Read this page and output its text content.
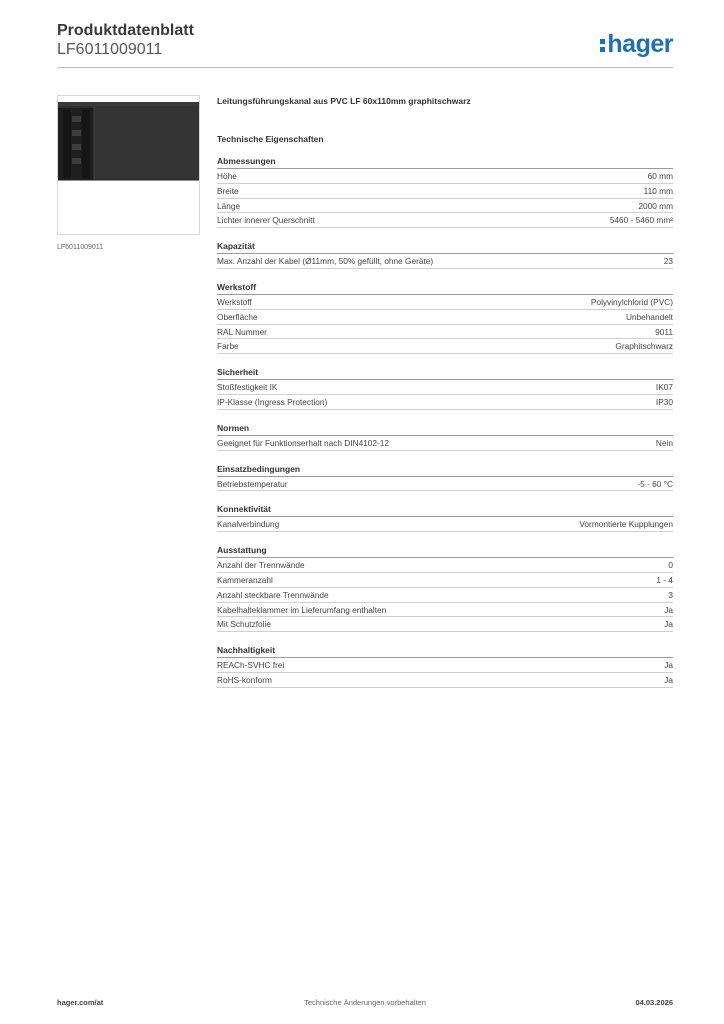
Produktdatenblatt
LF6011009011	hager
LF6011009011
Leitungsführungskanal aus PVC LF 60x110mm graphitschwarz
Technische Eigenschaften
Abmessungen
Höhe	60 mm
Breite	110 mm
Länge	2000 mm
Lichter innerer Querschnitt	5460 - 5460 mm²
Kapazität
Max. Anzahl der Kabel (Ø11mm, 50% gefüllt, ohne Geräte)	23
Werkstoff
Werkstoff	Polyvinylchlorid (PVC)
Oberfläche	Unbehandelt
RAL Nummer	9011
Farbe	Graphitschwarz
Sicherheit
Stoßfestigkeit IK	IK07
IP-Klasse (Ingress Protection)	IP30
Normen
Geeignet für Funktionserhalt nach DIN4102-12	Nein
Einsatzbedingungen
Betriebstemperatur	-5 - 60 °C
Konnektivität
Kanalverbindung	Vormontierte Kupplungen
Ausstattung
Anzahl der Trennwände	0
Kammeranzahl	1 - 4
Anzahl steckbare Trennwände	3
Kabelhalteklammer im Lieferumfang enthalten	Ja
Mit Schutzfolie	Ja
Nachhaltigkeit
REACh-SVHC frei	Ja
RoHS-konform	Ja
Technische Änderungen vorbehalten
hager.com/at	04.03.2026
